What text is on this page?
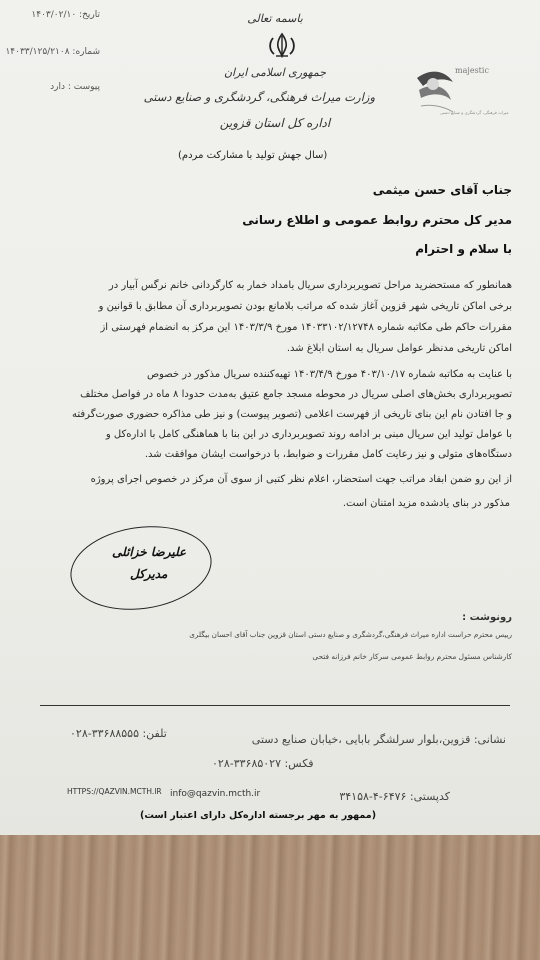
تاریخ: ۱۴۰۳/۰۲/۱۰
شماره: ۱۴۰۳۳/۱۲۵/۲۱۰۸
پیوست : دارد
باسمه تعالی
جمهوری اسلامی ایران
وزارت میراث فرهنگی، گردشگری و صنایع دستی
اداره کل استان قزوین
(سال جهش تولید با مشارکت مردم)
majestic
میراث فرهنگی، گردشگری و صنایع دستی
جناب آقای حسن میثمی
مدیر کل محترم روابط عمومی و اطلاع رسانی
با سلام و احترام
همانطور که مستحضرید مراحل تصویربرداری سریال بامداد خمار به کارگردانی خانم نرگس آبیار در
برخی اماکن تاریخی شهر قزوین آغاز شده که مراتب بلامانع بودن تصویربرداری آن مطابق با قوانین و
مقررات حاکم طی مکاتبه شماره ۱۴۰۳۳۱۰۲/۱۲۷۴۸ مورخ ۱۴۰۳/۳/۹ این مرکز به انضمام فهرستی از
اماکن تاریخی مدنظر عوامل سریال به استان ابلاغ شد.
با عنایت به مکاتبه شماره ۴۰۳/۱۰/۱۷ مورخ ۱۴۰۳/۴/۹ تهیه‌کننده سریال مذکور در خصوص
تصویربرداری بخش‌های اصلی سریال در محوطه مسجد جامع عتیق به‌مدت حدودا ۸ ماه در فواصل مختلف
و جا افتادن نام این بنای تاریخی از فهرست اعلامی (تصویر پیوست) و نیز طی مذاکره حضوری صورت‌گرفته
با عوامل تولید این سریال مبنی بر ادامه روند تصویربرداری در این بنا با هماهنگی کامل با اداره‌کل و
دستگاه‌های متولی و نیز رعایت کامل مقررات و ضوابط، با درخواست ایشان موافقت شد.
از این رو ضمن ابفاد مراتب جهت استحضار، اعلام نظر کتبی از سوی آن مرکز در خصوص اجرای پروژه
مذکور در بنای یادشده مزید امتنان است.
علیرضا خزائلی
مدیرکل
رونوشت :
رییس محترم حراست اداره میراث فرهنگی،گردشگری و صنایع دستی استان قزوین جناب آقای احسان بیگلری
کارشناس مسئول محترم روابط عمومی سرکار خانم فرزانه فتحی
نشانی: قزوین،بلوار سرلشگر بابایی ،خیابان صنایع دستی
تلفن: ۳۳۶۸۸۵۵۵-۰۲۸
فکس: ۳۳۶۸۵۰۲۷-۰۲۸
کدپستی: ۶۴۷۶-۴-۳۴۱۵۸
HTTPS://QAZVIN.MCTH.IR info@qazvin.mcth.ir
(ممهور به مهر برجسته اداره‌کل دارای اعتبار است)
